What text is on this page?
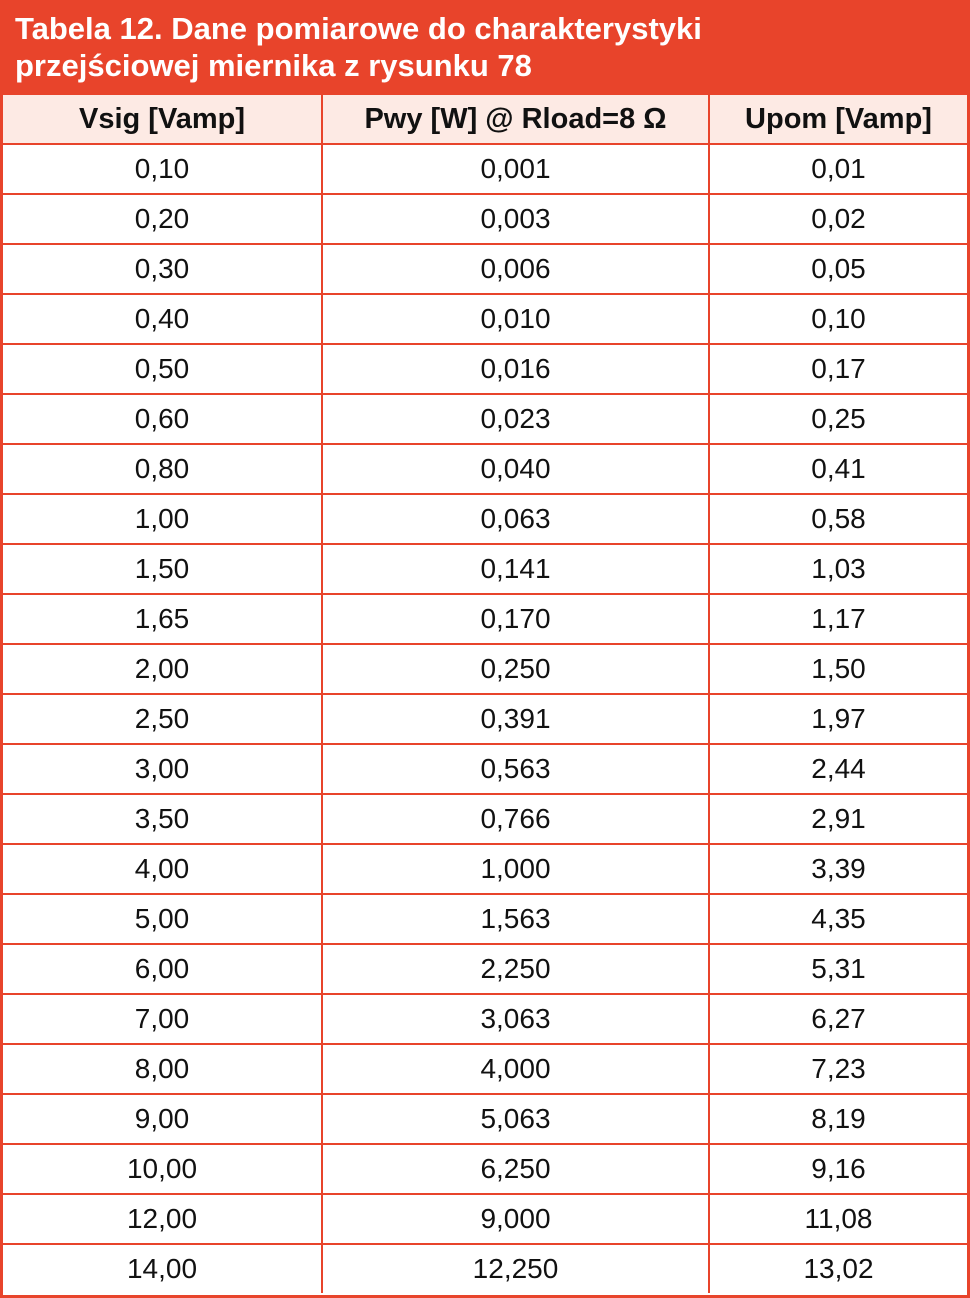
Tabela 12. Dane pomiarowe do charakterystyki
przejściowej miernika z rysunku 78
Vsig [Vamp]	Pwy [W] @ Rload=8 Ω	Upom [Vamp]
0,10	0,001	0,01
0,20	0,003	0,02
0,30	0,006	0,05
0,40	0,010	0,10
0,50	0,016	0,17
0,60	0,023	0,25
0,80	0,040	0,41
1,00	0,063	0,58
1,50	0,141	1,03
1,65	0,170	1,17
2,00	0,250	1,50
2,50	0,391	1,97
3,00	0,563	2,44
3,50	0,766	2,91
4,00	1,000	3,39
5,00	1,563	4,35
6,00	2,250	5,31
7,00	3,063	6,27
8,00	4,000	7,23
9,00	5,063	8,19
10,00	6,250	9,16
12,00	9,000	11,08
14,00	12,250	13,02
